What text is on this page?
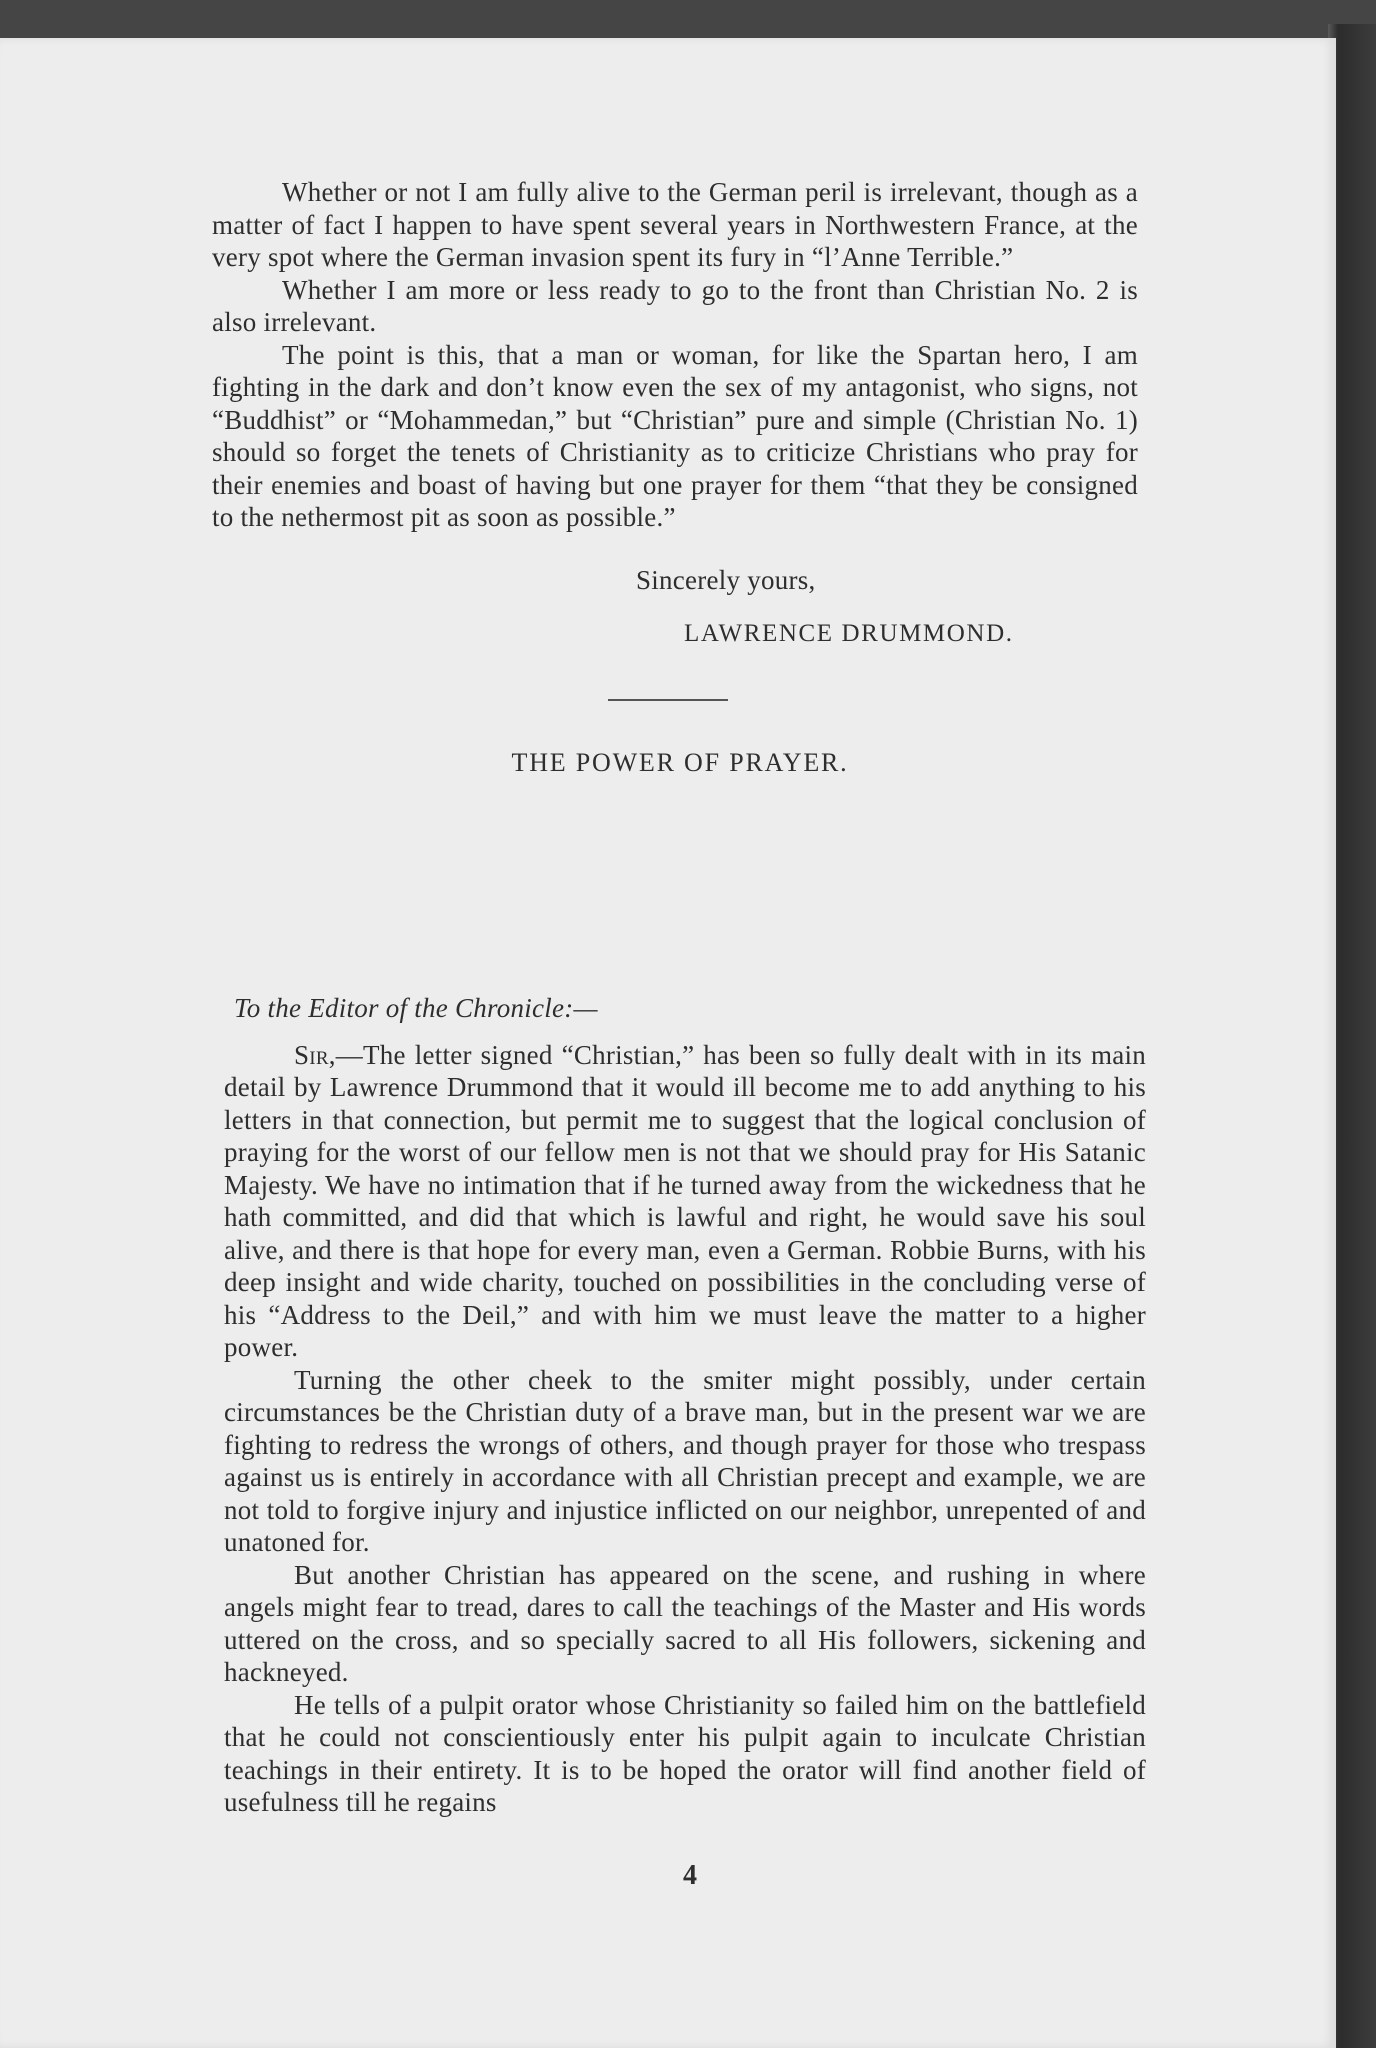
Whether or not I am fully alive to the German peril is irrelevant, though as a matter of fact I happen to have spent several years in Northwestern France, at the very spot where the German invasion spent its fury in “l’Anne Terrible.”

Whether I am more or less ready to go to the front than Christian No. 2 is also irrelevant.

The point is this, that a man or woman, for like the Spartan hero, I am fighting in the dark and don’t know even the sex of my antagonist, who signs, not “Buddhist” or “Mohammedan,” but “Christian” pure and simple (Christian No. 1) should so forget the tenets of Christianity as to criticize Christians who pray for their enemies and boast of having but one prayer for them “that they be consigned to the nethermost pit as soon as possible.”

Sincerely yours,

LAWRENCE DRUMMOND.

THE POWER OF PRAYER.

To the Editor of the Chronicle:—

Sir,—The letter signed “Christian,” has been so fully dealt with in its main detail by Lawrence Drummond that it would ill become me to add anything to his letters in that connection, but permit me to suggest that the logical conclusion of praying for the worst of our fellow men is not that we should pray for His Satanic Majesty. We have no intimation that if he turned away from the wickedness that he hath committed, and did that which is lawful and right, he would save his soul alive, and there is that hope for every man, even a German. Robbie Burns, with his deep insight and wide charity, touched on possibilities in the concluding verse of his “Address to the Deil,” and with him we must leave the matter to a higher power.

Turning the other cheek to the smiter might possibly, under certain circumstances be the Christian duty of a brave man, but in the present war we are fighting to redress the wrongs of others, and though prayer for those who trespass against us is entirely in accordance with all Christian precept and example, we are not told to forgive injury and injustice inflicted on our neighbor, unrepented of and unatoned for.

But another Christian has appeared on the scene, and rushing in where angels might fear to tread, dares to call the teachings of the Master and His words uttered on the cross, and so specially sacred to all His followers, sickening and hackneyed.

He tells of a pulpit orator whose Christianity so failed him on the battlefield that he could not conscientiously enter his pulpit again to inculcate Christian teachings in their entirety. It is to be hoped the orator will find another field of usefulness till he regains

4
